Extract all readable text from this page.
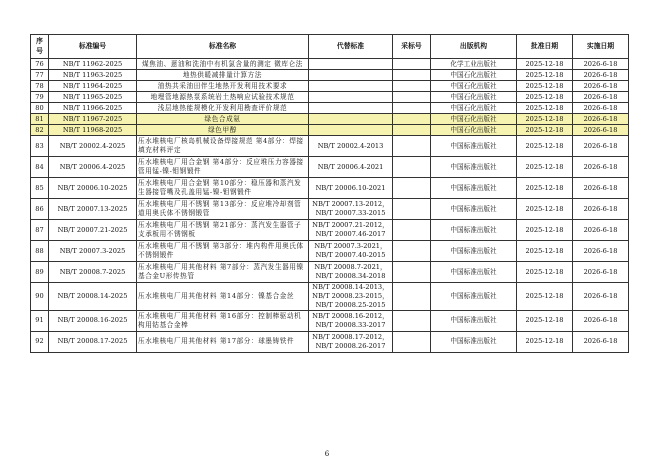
序
号	标准编号	标准名称	代替标准	采标号	出版机构	批准日期	实施日期
76	NB/T 11962-2025	煤焦油、蒽油和洗油中有机氯含量的测定 微库仑法			化学工业出版社	2025-12-18	2026-6-18
77	NB/T 11963-2025	地热供暖减排量计算方法			中国石化出版社	2025-12-18	2026-6-18
78	NB/T 11964-2025	油热共采油田伴生地热开发利用技术要求			中国石化出版社	2025-12-18	2026-6-18
79	NB/T 11965-2025	地埋管地源热泵系统岩土热响应试验技术规范			中国石化出版社	2025-12-18	2026-6-18
80	NB/T 11966-2025	浅层地热能规模化开发利用勘查评价规范			中国石化出版社	2025-12-18	2026-6-18
81	NB/T 11967-2025	绿色合成氨			中国石化出版社	2025-12-18	2026-6-18
82	NB/T 11968-2025	绿色甲醇			中国石化出版社	2025-12-18	2026-6-18
83	NB/T 20002.4-2025	压水堆核电厂核岛机械设备焊接规范 第4部分：焊接填充材料评定	NB/T 20002.4-2013		中国标准出版社	2025-12-18	2026-6-18
84	NB/T 20006.4-2025	压水堆核电厂用合金钢 第4部分：反应堆压力容器接管用锰-镍-钼钢锻件	NB/T 20006.4-2021		中国标准出版社	2025-12-18	2026-6-18
85	NB/T 20006.10-2025	压水堆核电厂用合金钢 第10部分：稳压器和蒸汽发生器接管嘴及孔盖用锰-镍-钼钢锻件	NB/T 20006.10-2021		中国标准出版社	2025-12-18	2026-6-18
86	NB/T 20007.13-2025	压水堆核电厂用不锈钢 第13部分：反应堆冷却剂管道用奥氏体不锈钢锻管	NB/T 20007.13-2012，
NB/T 20007.33-2015		中国标准出版社	2025-12-18	2026-6-18
87	NB/T 20007.21-2025	压水堆核电厂用不锈钢 第21部分：蒸汽发生器管子支承板用不锈钢板	NB/T 20007.21-2012，
NB/T 20007.46-2017		中国标准出版社	2025-12-18	2026-6-18
88	NB/T 20007.3-2025	压水堆核电厂用不锈钢 第3部分：堆内构件用奥氏体不锈钢锻件	NB/T 20007.3-2021，
NB/T 20007.40-2015		中国标准出版社	2025-12-18	2026-6-18
89	NB/T 20008.7-2025	压水堆核电厂用其他材料 第7部分：蒸汽发生器用镍基合金U形传热管	NB/T 20008.7-2021，
NB/T 20008.34-2018		中国标准出版社	2025-12-18	2026-6-18
90	NB/T 20008.14-2025	压水堆核电厂用其他材料 第14部分：镍基合金丝	NB/T 20008.14-2013，
NB/T 20008.23-2015，
NB/T 20008.25-2015		中国标准出版社	2025-12-18	2026-6-18
91	NB/T 20008.16-2025	压水堆核电厂用其他材料 第16部分：控制棒驱动机构用钴基合金棒	NB/T 20008.16-2012，
NB/T 20008.33-2017		中国标准出版社	2025-12-18	2026-6-18
92	NB/T 20008.17-2025	压水堆核电厂用其他材料 第17部分：球墨铸铁件	NB/T 20008.17-2012，
NB/T 20008.26-2017		中国标准出版社	2025-12-18	2026-6-18
6
